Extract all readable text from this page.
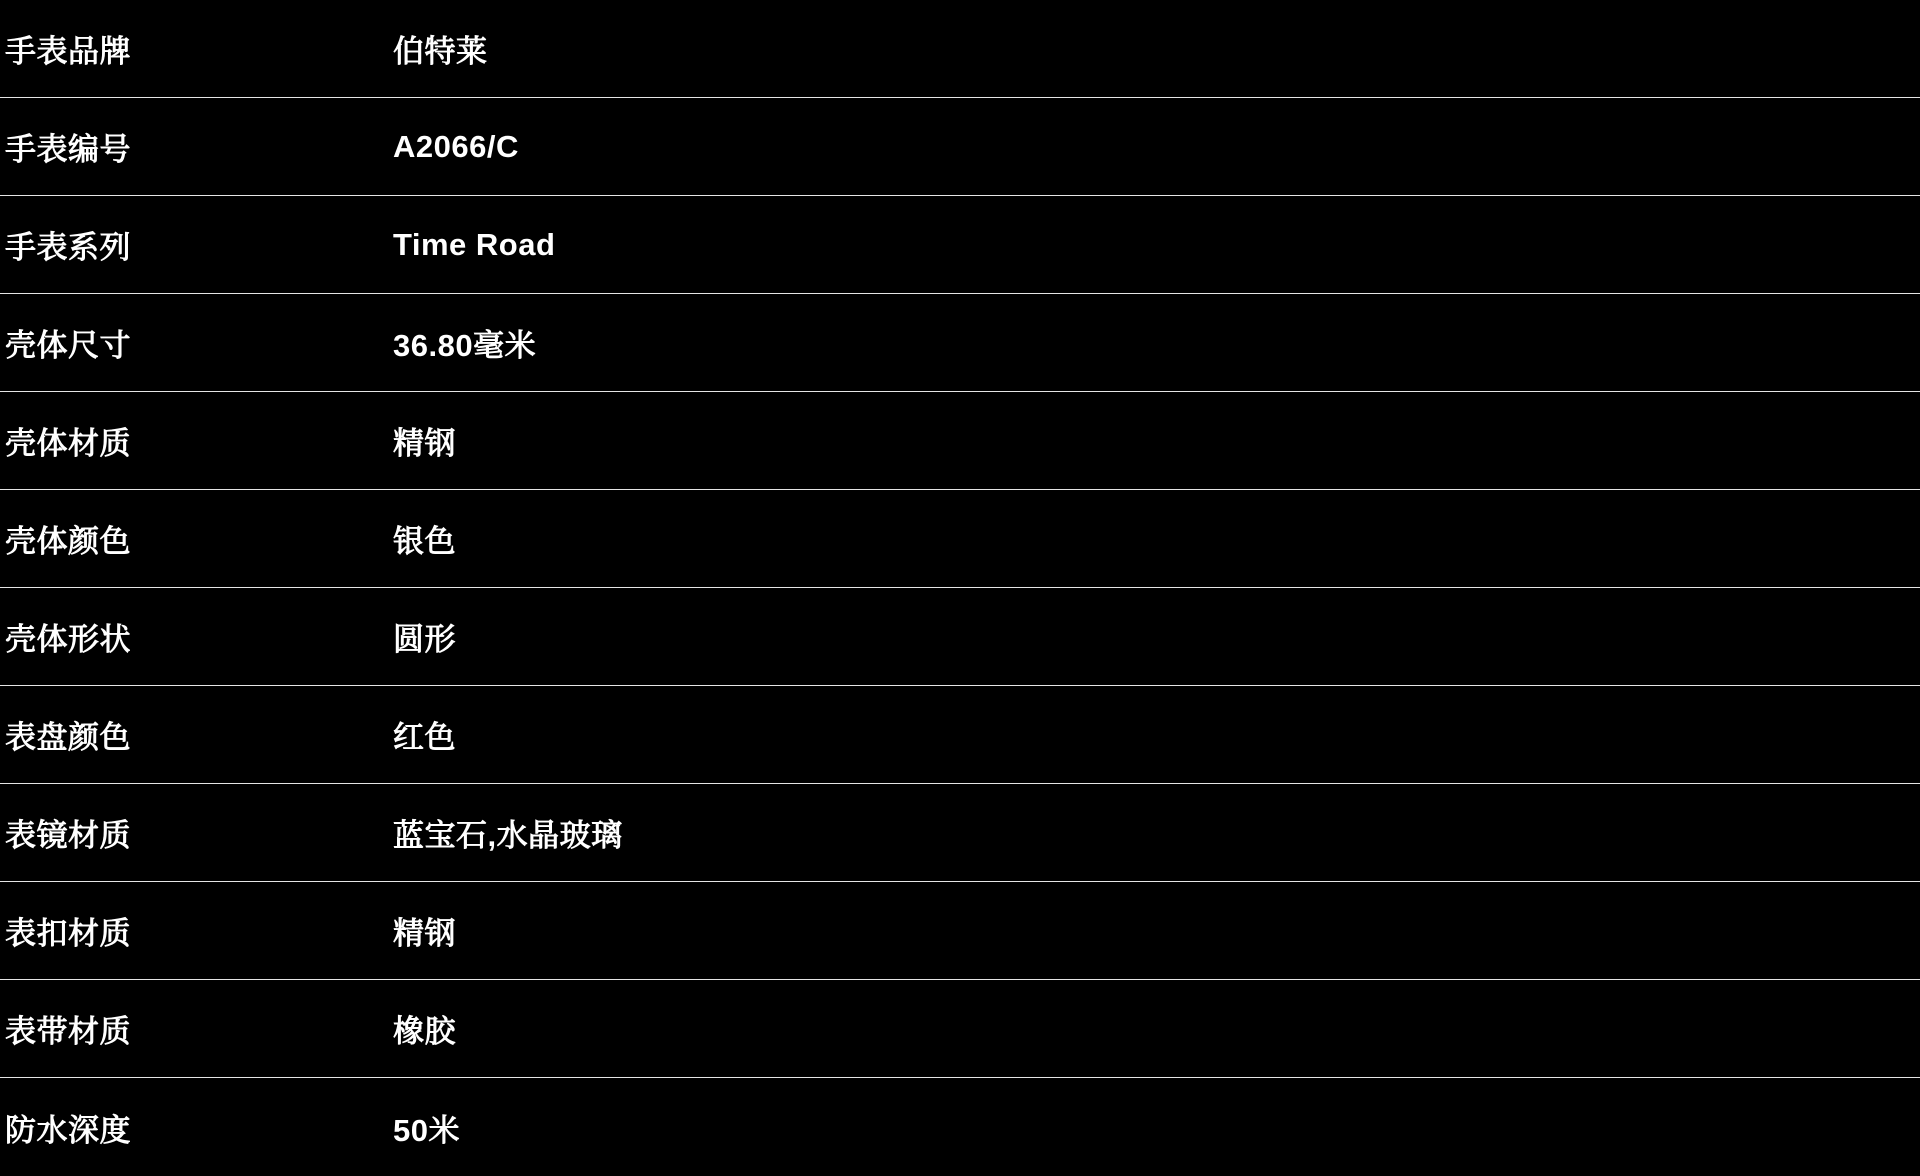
手表品牌	伯特莱
手表编号	A2066/C
手表系列	Time Road
壳体尺寸	36.80毫米
壳体材质	精钢
壳体颜色	银色
壳体形状	圆形
表盘颜色	红色
表镜材质	蓝宝石,水晶玻璃
表扣材质	精钢
表带材质	橡胶
防水深度	50米
